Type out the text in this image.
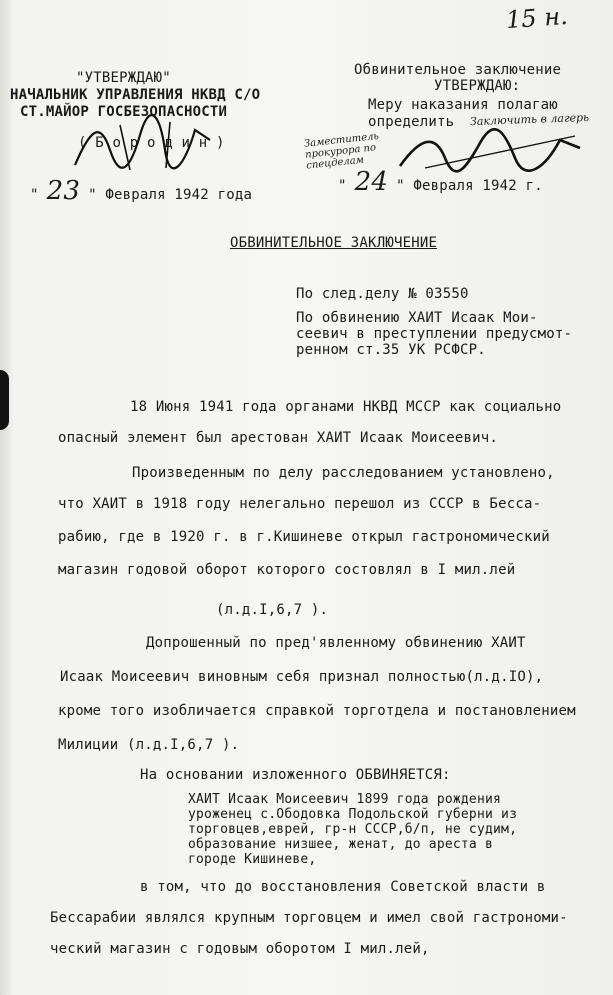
15 н.
"УТВЕРЖДАЮ"
НАЧАЛЬНИК УПРАВЛЕНИЯ НКВД С/О
СТ.МАЙОР ГОСБЕЗОПАСНОСТИ
( Б о р о д и н )
" 23 " Февраля 1942 года
Обвинительное заключение
УТВЕРЖДАЮ:
Меру наказания полагаю
определить Заключить в лагерь
Заместитель прокурора по спецделам
" 24 " Февраля 1942 г.
ОБВИНИТЕЛЬНОЕ ЗАКЛЮЧЕНИЕ
По след.делу № 03550
По обвинению ХАИТ Исаак Мои-
сеевич в преступлении предусмот-
ренном ст.35 УК РСФСР.
18 Июня 1941 года органами НКВД МССР как социально
опасный элемент был арестован ХАИТ Исаак Моисеевич.
Произведенным по делу расследованием установлено,
что ХАИТ в 1918 году нелегально перешол из СССР в Бесса-
рабию, где в 1920 г. в г.Кишиневе открыл гастрономический
магазин годовой оборот которого состовлял в I мил.лей
(л.д.I,6,7 ).
Допрошенный по пред'явленному обвинению ХАИТ
Исаак Моисеевич виновным себя признал полностью(л.д.IO),
кроме того изобличается справкой торготдела и постановлением
Милиции (л.д.I,6,7 ).
На основании изложенного ОБВИНЯЕТСЯ:
ХАИТ Исаак Моисеевич 1899 года рождения
уроженец с.Ободовка Подольской губерни из
торговцев,еврей, гр-н СССР,б/п, не судим,
образование низшее, женат, до ареста в
городе Кишиневе,
в том, что до восстановления Советской власти в
Бессарабии являлся крупным торговцем и имел свой гастрономи-
ческий магазин с годовым оборотом I мил.лей,
